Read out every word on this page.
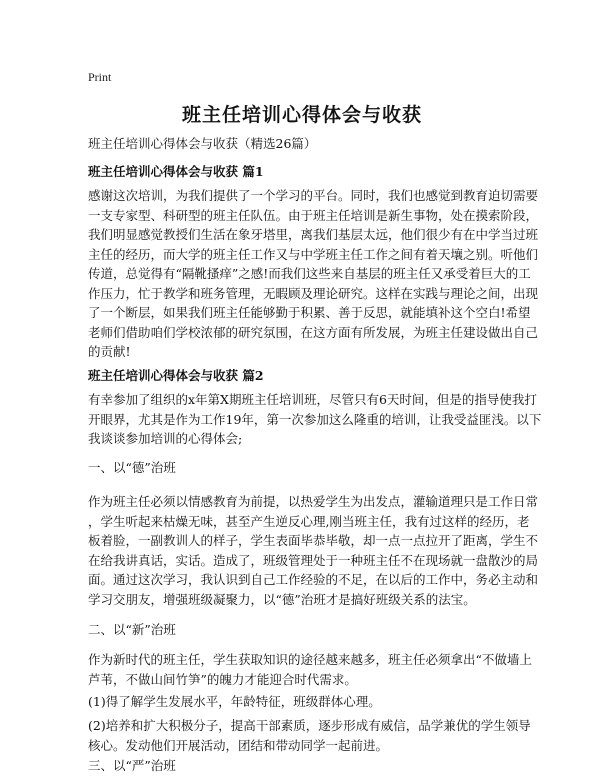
Print
班主任培训心得体会与收获
班主任培训心得体会与收获（精选26篇）
班主任培训心得体会与收获 篇1
感谢这次培训，为我们提供了一个学习的平台。同时，我们也感觉到教育迫切需要
一支专家型、科研型的班主任队伍。由于班主任培训是新生事物，处在摸索阶段，
我们明显感觉教授们生活在象牙塔里，离我们基层太远，他们很少有在中学当过班
主任的经历，而大学的班主任工作又与中学班主任工作之间有着天壤之别。听他们
传道，总觉得有“隔靴搔痒”之感!而我们这些来自基层的班主任又承受着巨大的工
作压力，忙于教学和班务管理，无暇顾及理论研究。这样在实践与理论之间，出现
了一个断层，如果我们班主任能够勤于积累、善于反思，就能填补这个空白!希望
老师们借助咱们学校浓郁的研究氛围，在这方面有所发展，为班主任建设做出自己
的贡献!
班主任培训心得体会与收获 篇2
有幸参加了组织的x年第X期班主任培训班，尽管只有6天时间，但是的指导使我打
开眼界，尤其是作为工作19年，第一次参加这么隆重的培训，让我受益匪浅。以下
我谈谈参加培训的心得体会;
一、以“德”治班
作为班主任必须以情感教育为前提，以热爱学生为出发点，灌输道理只是工作日常
，学生听起来枯燥无味，甚至产生逆反心理,刚当班主任，我有过这样的经历，老
板着脸，一副教训人的样子，学生表面毕恭毕敬，却一点一点拉开了距离，学生不
在给我讲真话，实话。造成了，班级管理处于一种班主任不在现场就一盘散沙的局
面。通过这次学习，我认识到自己工作经验的不足，在以后的工作中，务必主动和
学习交朋友，增强班级凝聚力，以“德”治班才是搞好班级关系的法宝。
二、以“新”治班
作为新时代的班主任，学生获取知识的途径越来越多，班主任必须拿出“不做墙上
芦苇，不做山间竹笋”的魄力才能迎合时代需求。
(1)得了解学生发展水平，年龄特征，班级群体心理。
(2)培养和扩大积极分子，提高干部素质，逐步形成有威信，品学兼优的学生领导
核心。发动他们开展活动，团结和带动同学一起前进。
三、以“严”治班
